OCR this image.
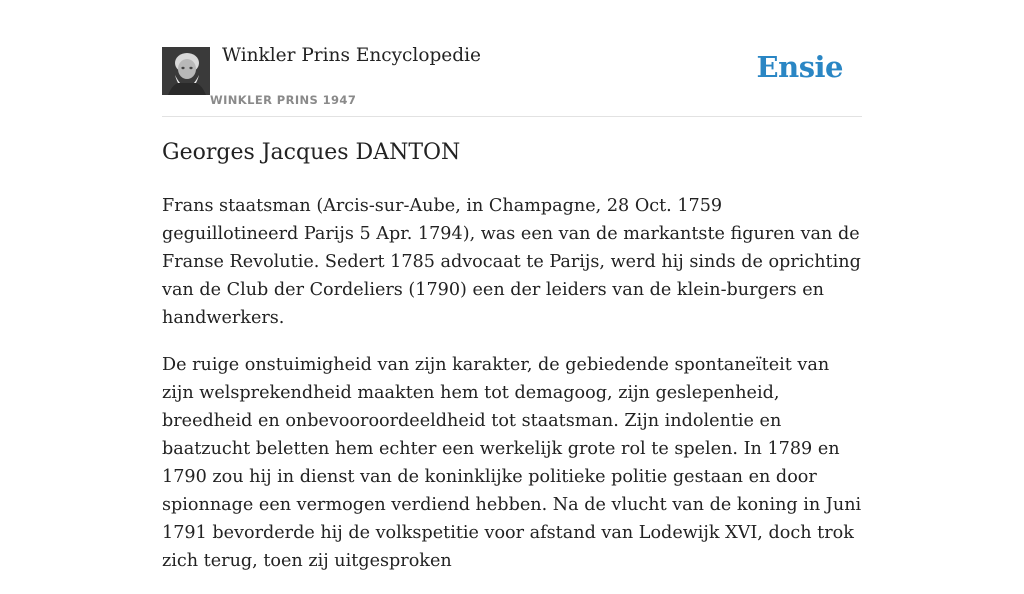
Winkler Prins Encyclopedie
WINKLER PRINS 1947
Ensie
Georges Jacques DANTON

Frans staatsman (Arcis-sur-Aube, in Champagne, 28 Oct. 1759 geguillotineerd Parijs 5 Apr. 1794), was een van de markantste figuren van de Franse Revolutie. Sedert 1785 advocaat te Parijs, werd hij sinds de oprichting van de Club der Cordeliers (1790) een der leiders van de klein-burgers en handwerkers.

De ruige onstuimigheid van zijn karakter, de gebiedende spontaneïteit van zijn welsprekendheid maakten hem tot demagoog, zijn geslepenheid, breedheid en onbevooroordeeldheid tot staatsman. Zijn indolentie en baatzucht beletten hem echter een werkelijk grote rol te spelen. In 1789 en 1790 zou hij in dienst van de koninklijke politieke politie gestaan en door spionnage een vermogen verdiend hebben. Na de vlucht van de koning in Juni 1791 bevorderde hij de volkspetitie voor afstand van Lodewijk XVI, doch trok zich terug, toen zij uitgesproken
